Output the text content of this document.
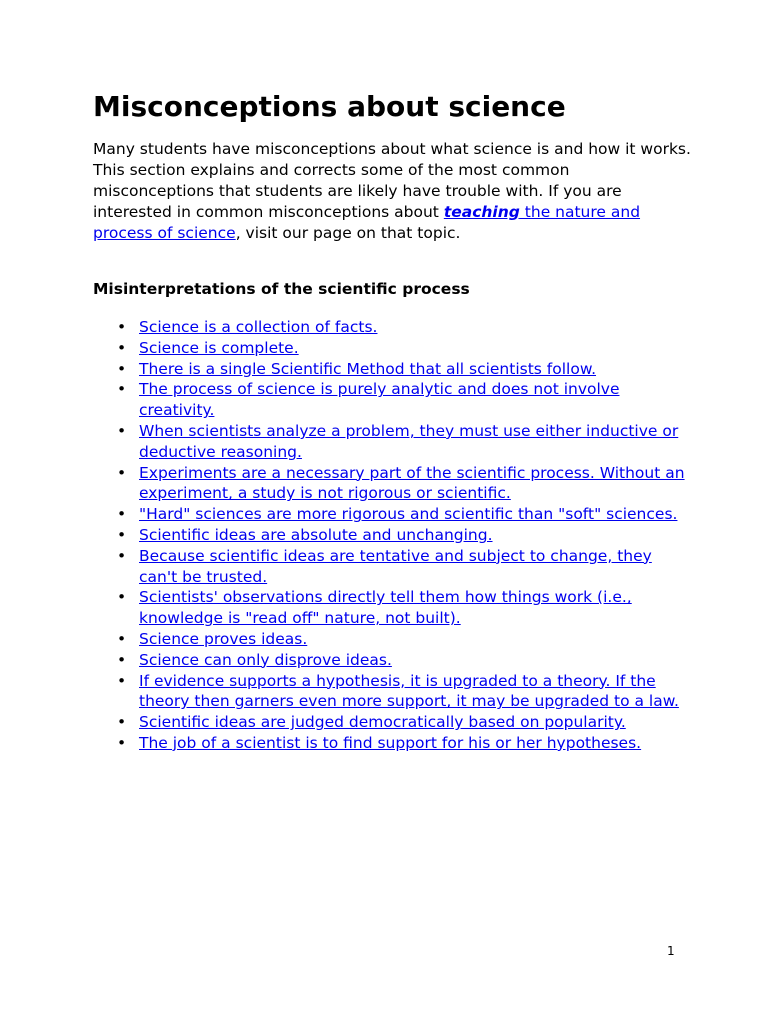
Misconceptions about science

Many students have misconceptions about what science is and how it works. This section explains and corrects some of the most common misconceptions that students are likely have trouble with. If you are interested in common misconceptions about teaching the nature and process of science, visit our page on that topic.

Misinterpretations of the scientific process
• Science is a collection of facts.
• Science is complete.
• There is a single Scientific Method that all scientists follow.
• The process of science is purely analytic and does not involve creativity.
• When scientists analyze a problem, they must use either inductive or deductive reasoning.
• Experiments are a necessary part of the scientific process. Without an experiment, a study is not rigorous or scientific.
• "Hard" sciences are more rigorous and scientific than "soft" sciences.
• Scientific ideas are absolute and unchanging.
• Because scientific ideas are tentative and subject to change, they can't be trusted.
• Scientists' observations directly tell them how things work (i.e., knowledge is "read off" nature, not built).
• Science proves ideas.
• Science can only disprove ideas.
• If evidence supports a hypothesis, it is upgraded to a theory. If the theory then garners even more support, it may be upgraded to a law.
• Scientific ideas are judged democratically based on popularity.
• The job of a scientist is to find support for his or her hypotheses.
1
